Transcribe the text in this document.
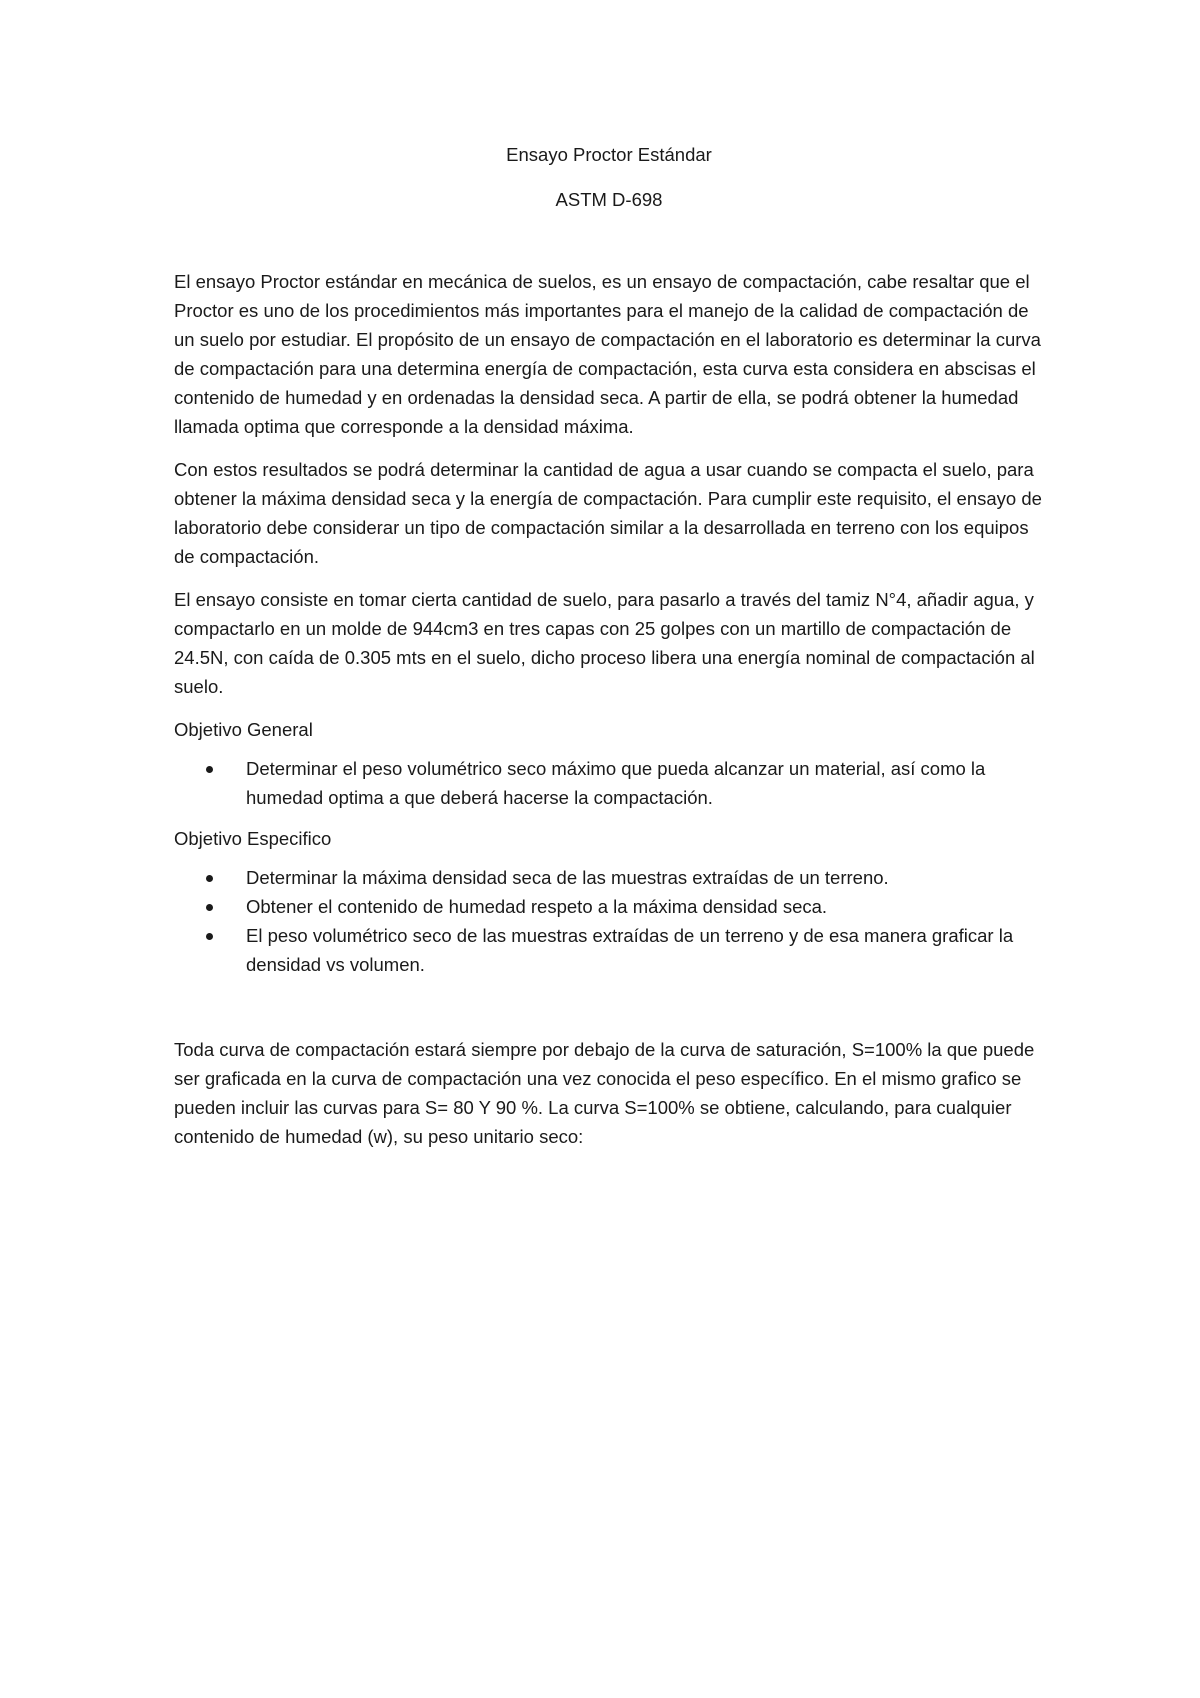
Ensayo Proctor Estándar
ASTM D-698

El ensayo Proctor estándar en mecánica de suelos, es un ensayo de compactación, cabe resaltar que el Proctor es uno de los procedimientos más importantes para el manejo de la calidad de compactación de un suelo por estudiar. El propósito de un ensayo de compactación en el laboratorio es determinar la curva de compactación para una determina energía de compactación, esta curva esta considera en abscisas el contenido de humedad y en ordenadas la densidad seca. A partir de ella, se podrá obtener la humedad llamada optima que corresponde a la densidad máxima.

Con estos resultados se podrá determinar la cantidad de agua a usar cuando se compacta el suelo, para obtener la máxima densidad seca y la energía de compactación. Para cumplir este requisito, el ensayo de laboratorio debe considerar un tipo de compactación similar a la desarrollada en terreno con los equipos de compactación.

El ensayo consiste en tomar cierta cantidad de suelo, para pasarlo a través del tamiz N°4, añadir agua, y compactarlo en un molde de 944cm3 en tres capas con 25 golpes con un martillo de compactación de 24.5N, con caída de 0.305 mts en el suelo, dicho proceso libera una energía nominal de compactación al suelo.

Objetivo General
Determinar el peso volumétrico seco máximo que pueda alcanzar un material, así como la humedad optima a que deberá hacerse la compactación.
Objetivo Especifico
Determinar la máxima densidad seca de las muestras extraídas de un terreno.
Obtener el contenido de humedad respeto a la máxima densidad seca.
El peso volumétrico seco de las muestras extraídas de un terreno y de esa manera graficar la densidad vs volumen.

Toda curva de compactación estará siempre por debajo de la curva de saturación, S=100% la que puede ser graficada en la curva de compactación una vez conocida el peso específico. En el mismo grafico se pueden incluir las curvas para S= 80 Y 90 %. La curva S=100% se obtiene, calculando, para cualquier contenido de humedad (w), su peso unitario seco:
